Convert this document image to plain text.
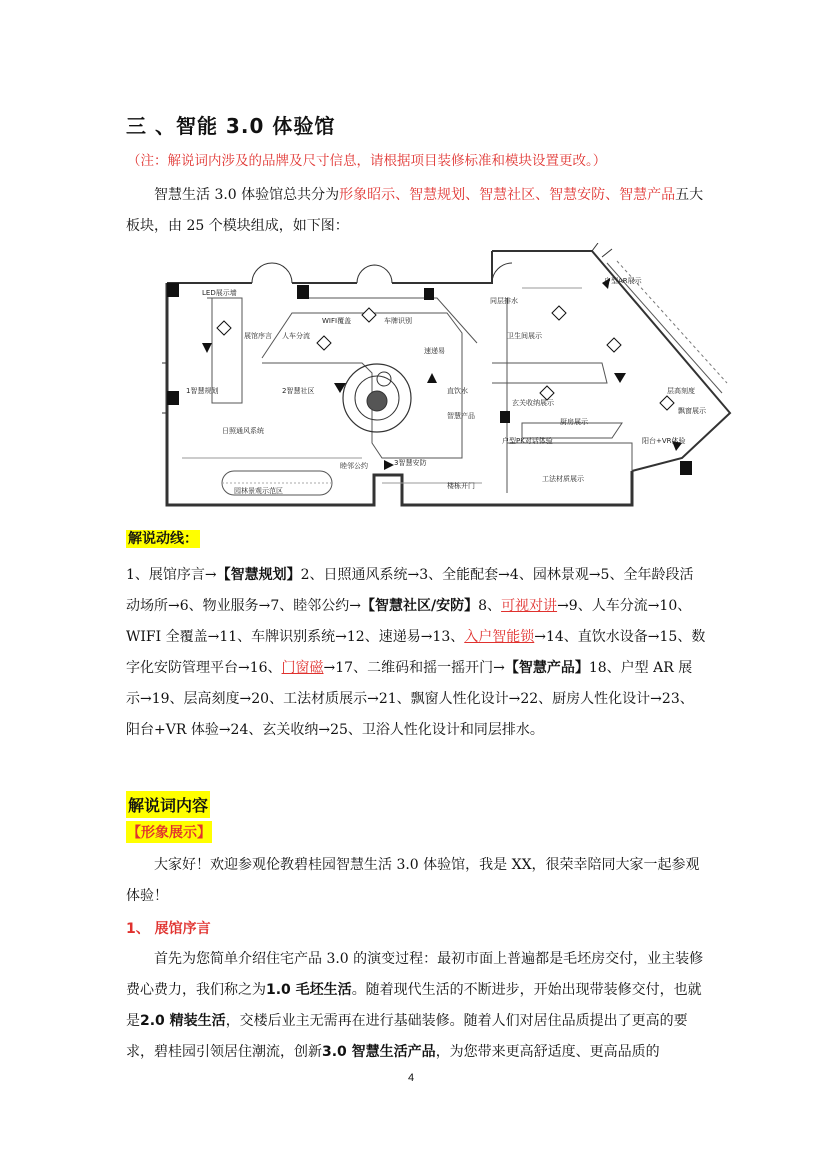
三 、智能 3.0 体验馆
（注：解说词内涉及的品牌及尺寸信息，请根据项目装修标准和模块设置更改。）
智慧生活 3.0 体验馆总共分为形象昭示、智慧规划、智慧社区、智慧安防、智慧产品五大板块，由 25 个模块组成，如下图：
LED展示墙
展馆序言
1智慧规划
日照通风系统
园林景观示范区
人车分流
WIFI覆盖	车牌识别
速递易
2智慧社区
睦邻公约	3智慧安防
直饮水
智慧产品
楼栋开门
同层排水
卫生间展示
玄关收纳展示
厨房展示
户型PK对话体验
工法材质展示
阳台+VR体验
户型AR展示
层高刻度
飘窗展示
解说动线：
1、展馆序言→【智慧规划】2、日照通风系统→3、全能配套→4、园林景观→5、全年龄段活动场所→6、物业服务→7、睦邻公约→【智慧社区/安防】8、可视对讲→9、人车分流→10、WIFI 全覆盖→11、车牌识别系统→12、速递易→13、入户智能锁→14、直饮水设备→15、数字化安防管理平台→16、门窗磁→17、二维码和摇一摇开门→【智慧产品】18、户型 AR 展示→19、层高刻度→20、工法材质展示→21、飘窗人性化设计→22、厨房人性化设计→23、阳台+VR 体验→24、玄关收纳→25、卫浴人性化设计和同层排水。
解说词内容
【形象展示】
大家好！欢迎参观伦教碧桂园智慧生活 3.0 体验馆，我是 XX，很荣幸陪同大家一起参观体验！
1、 展馆序言
首先为您简单介绍住宅产品 3.0 的演变过程：最初市面上普遍都是毛坯房交付，业主装修费心费力，我们称之为1.0 毛坯生活。随着现代生活的不断进步，开始出现带装修交付，也就是2.0 精装生活，交楼后业主无需再在进行基础装修。随着人们对居住品质提出了更高的要求，碧桂园引领居住潮流，创新3.0 智慧生活产品，为您带来更高舒适度、更高品质的
4
